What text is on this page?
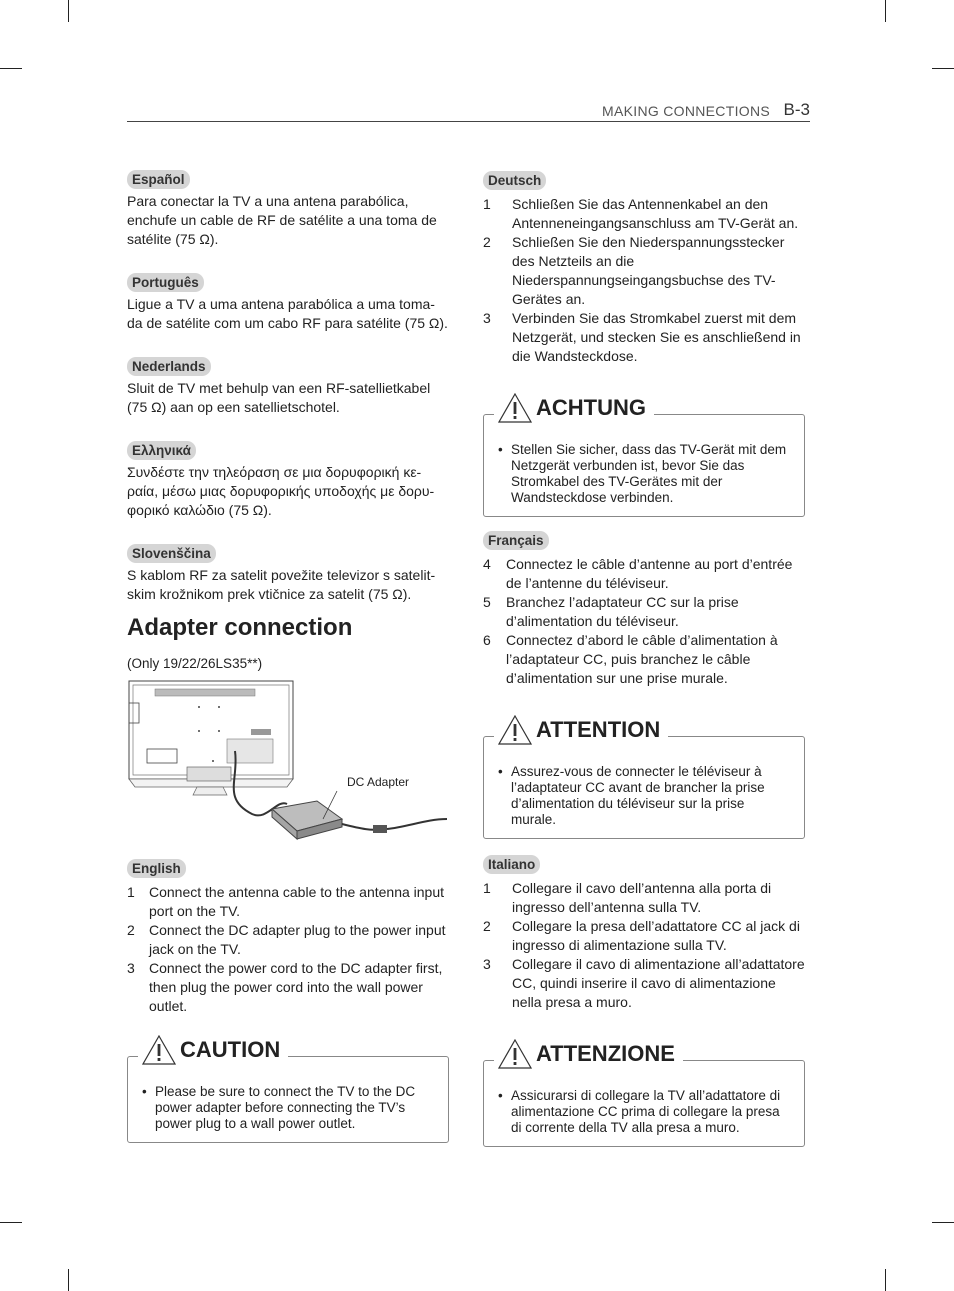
MAKING CONNECTIONS B-3
Español

Para conectar la TV a una antena parabólica, enchufe un cable de RF de satélite a una toma de satélite (75 Ω).

Português

Ligue a TV a uma antena parabólica a uma toma-da de satélite com um cabo RF para satélite (75 Ω).

Nederlands

Sluit de TV met behulp van een RF-satellietkabel (75 Ω) aan op een satellietschotel.

Ελληνικά

Συνδέστε την τηλεόραση σε μια δορυφορική κε-ραία, μέσω μιας δορυφορικής υποδοχής με δορυ-φορικό καλώδιο (75 Ω).

Slovenščina

S kablom RF za satelit povežite televizor s satelit-skim krožnikom prek vtičnice za satelit (75 Ω).

Adapter connection
(Only 19/22/26LS35**)
DC Adapter
English
1 Connect the antenna cable to the antenna input port on the TV.
2 Connect the DC adapter plug to the power input jack on the TV.
3 Connect the power cord to the DC adapter first, then plug the power cord into the wall power outlet.
CAUTION
• Please be sure to connect the TV to the DC power adapter before connecting the TV’s power plug to a wall power outlet.
Deutsch
1 Schließen Sie das Antennenkabel an den Antenneneingangsanschluss am TV-Gerät an.
2 Schließen Sie den Niederspannungsstecker des Netzteils an die Niederspannungseingangsbuchse des TV-Gerätes an.
3 Verbinden Sie das Stromkabel zuerst mit dem Netzgerät, und stecken Sie es anschließend in die Wandsteckdose.
ACHTUNG
• Stellen Sie sicher, dass das TV-Gerät mit dem Netzgerät verbunden ist, bevor Sie das Stromkabel des TV-Gerätes mit der Wandsteckdose verbinden.
Français
4 Connectez le câble d’antenne au port d’entrée de l’antenne du téléviseur.
5 Branchez l’adaptateur CC sur la prise d’alimentation du téléviseur.
6 Connectez d’abord le câble d’alimentation à l’adaptateur CC, puis branchez le câble d’alimentation sur une prise murale.
ATTENTION
• Assurez-vous de connecter le téléviseur à l’adaptateur CC avant de brancher la prise d’alimentation du téléviseur sur la prise murale.
Italiano
1 Collegare il cavo dell’antenna alla porta di ingresso dell’antenna sulla TV.
2 Collegare la presa dell’adattatore CC al jack di ingresso di alimentazione sulla TV.
3 Collegare il cavo di alimentazione all’adattatore CC, quindi inserire il cavo di alimentazione nella presa a muro.
ATTENZIONE
• Assicurarsi di collegare la TV all’adattatore di alimentazione CC prima di collegare la presa di corrente della TV alla presa a muro.
